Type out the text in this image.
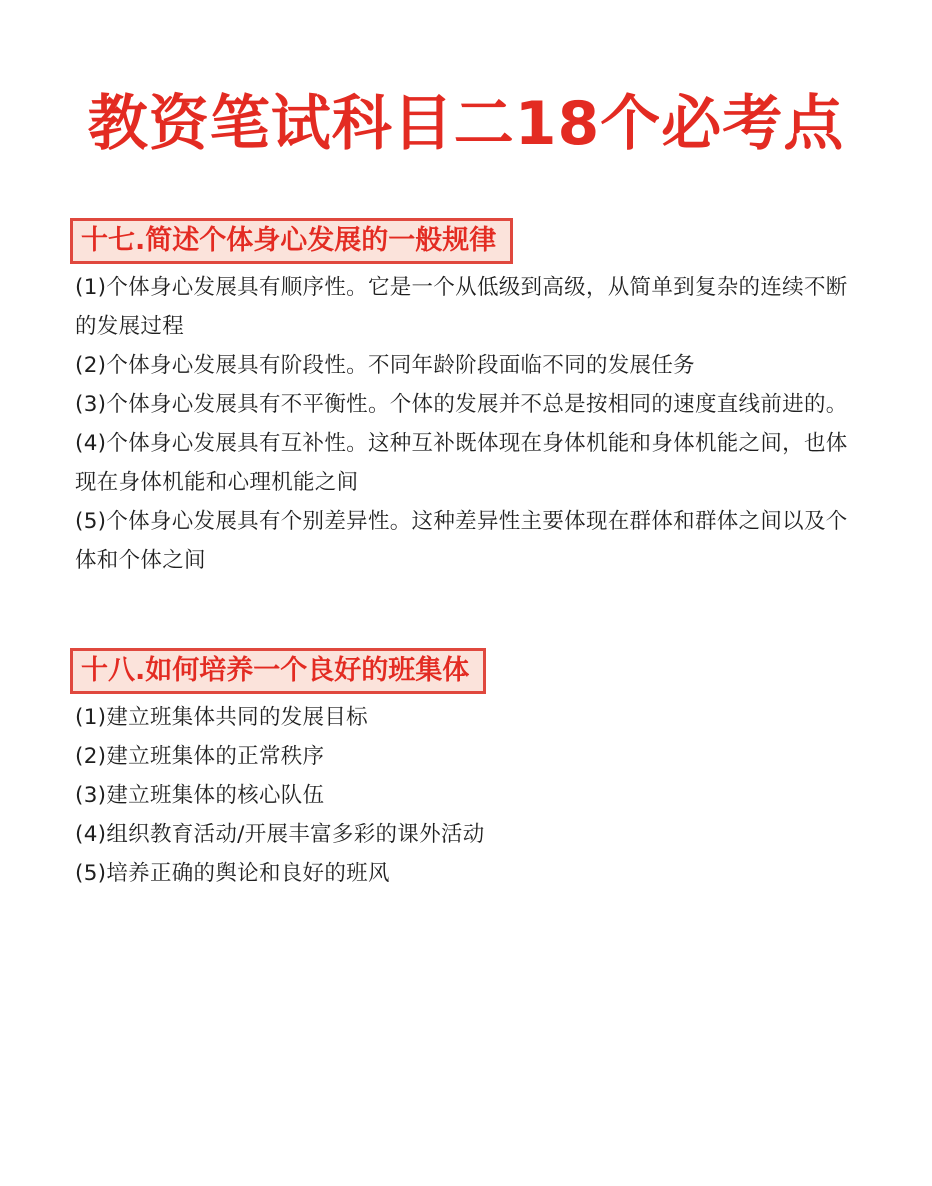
教资笔试科目二18个必考点
十七.简述个体身心发展的一般规律
(1)个体身心发展具有顺序性。它是一个从低级到高级，从简单到复杂的连续不断的发展过程
(2)个体身心发展具有阶段性。不同年龄阶段面临不同的发展任务
(3)个体身心发展具有不平衡性。个体的发展并不总是按相同的速度直线前进的。
(4)个体身心发展具有互补性。这种互补既体现在身体机能和身体机能之间，也体现在身体机能和心理机能之间
(5)个体身心发展具有个别差异性。这种差异性主要体现在群体和群体之间以及个体和个体之间
十八.如何培养一个良好的班集体
(1)建立班集体共同的发展目标
(2)建立班集体的正常秩序
(3)建立班集体的核心队伍
(4)组织教育活动/开展丰富多彩的课外活动
(5)培养正确的舆论和良好的班风
